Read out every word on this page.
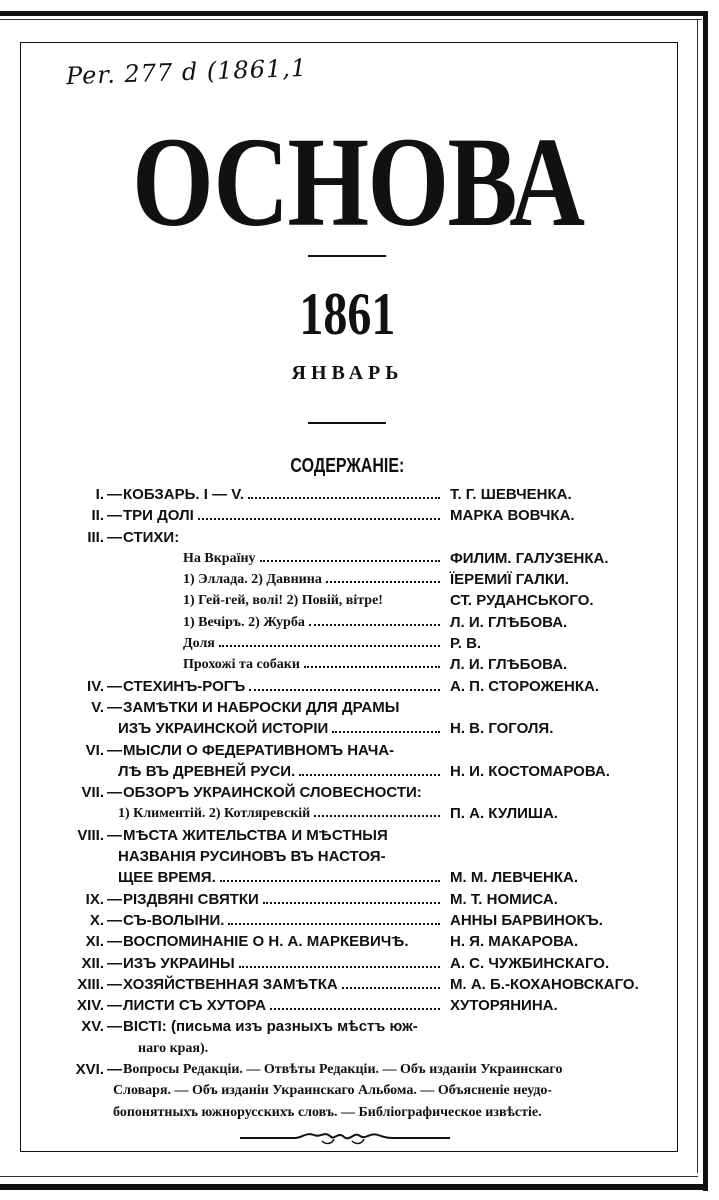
Per. 277 d (1861,1
ОСНОВА
1861
ЯНВАРЬ
СОДЕРЖАНІЕ:
I. — КОБЗАРЬ. I — V.	Т. Г. ШЕВЧЕНКА.
II. — ТРИ ДОЛІ	МАРКА ВОВЧКА.
III. — СТИХИ:
На Вкраїну	ФИЛИМ. ГАЛУЗЕНКА.
1) Эллада. 2) Давнина	ЇЕРЕМИЇ ГАЛКИ.
1) Гей-гей, волі! 2) Повій, вітре!	СТ. РУДАНСЬКОГО.
1) Вечіръ. 2) Журба	Л. И. ГЛѢБОВА.
Доля	Р. В.
Прохожі та собаки	Л. И. ГЛѢБОВА.
IV. — СТЕХИНЪ-РОГЪ	А. П. СТОРОЖЕНКА.
V. — ЗАМѢТКИ И НАБРОСКИ ДЛЯ ДРАМЫ
ИЗЪ УКРАИНСКОЙ ИСТОРІИ	Н. В. ГОГОЛЯ.
VI. — МЫСЛИ О ФЕДЕРАТИВНОМЪ НАЧА-
ЛѢ ВЪ ДРЕВНЕЙ РУСИ.	Н. И. КОСТОМАРОВА.
VII. — ОБЗОРЪ УКРАИНСКОЙ СЛОВЕСНОСТИ:
1) Климентій. 2) Котляревскій	П. А. КУЛИША.
VIII. — МѢСТА ЖИТЕЛЬСТВА И МѢСТНЫЯ
НАЗВАНІЯ РУСИНОВЪ ВЪ НАСТОЯ-
ЩЕЕ ВРЕМЯ.	М. М. ЛЕВЧЕНКА.
IX. — РІЗДВЯНІ СВЯТКИ	М. Т. НОМИСА.
X. — СЪ-ВОЛЫНИ.	АННЫ БАРВИНОКЪ.
XI. — ВОСПОМИНАНІЕ О Н. А. МАРКЕВИЧѢ.	Н. Я. МАКАРОВА.
XII. — ИЗЪ УКРАИНЫ	А. С. ЧУЖБИНСКАГО.
XIII. — ХОЗЯЙСТВЕННАЯ ЗАМѢТКА	М. А. Б.-КОХАНОВСКАГО.
XIV. — ЛИСТИ СЪ ХУТОРА	ХУТОРЯНИНА.
XV. — ВІСТІ: (письма изъ разныхъ мѣстъ юж-
наго края).
XVI. — Вопросы Редакціи. — Отвѣты Редакціи. — Объ изданіи Украинскаго
Словаря. — Объ изданіи Украинскаго Альбома. — Объясненіе неудо-
бопонятныхъ южнорусскихъ словъ. — Библіографическое извѣстіе.
